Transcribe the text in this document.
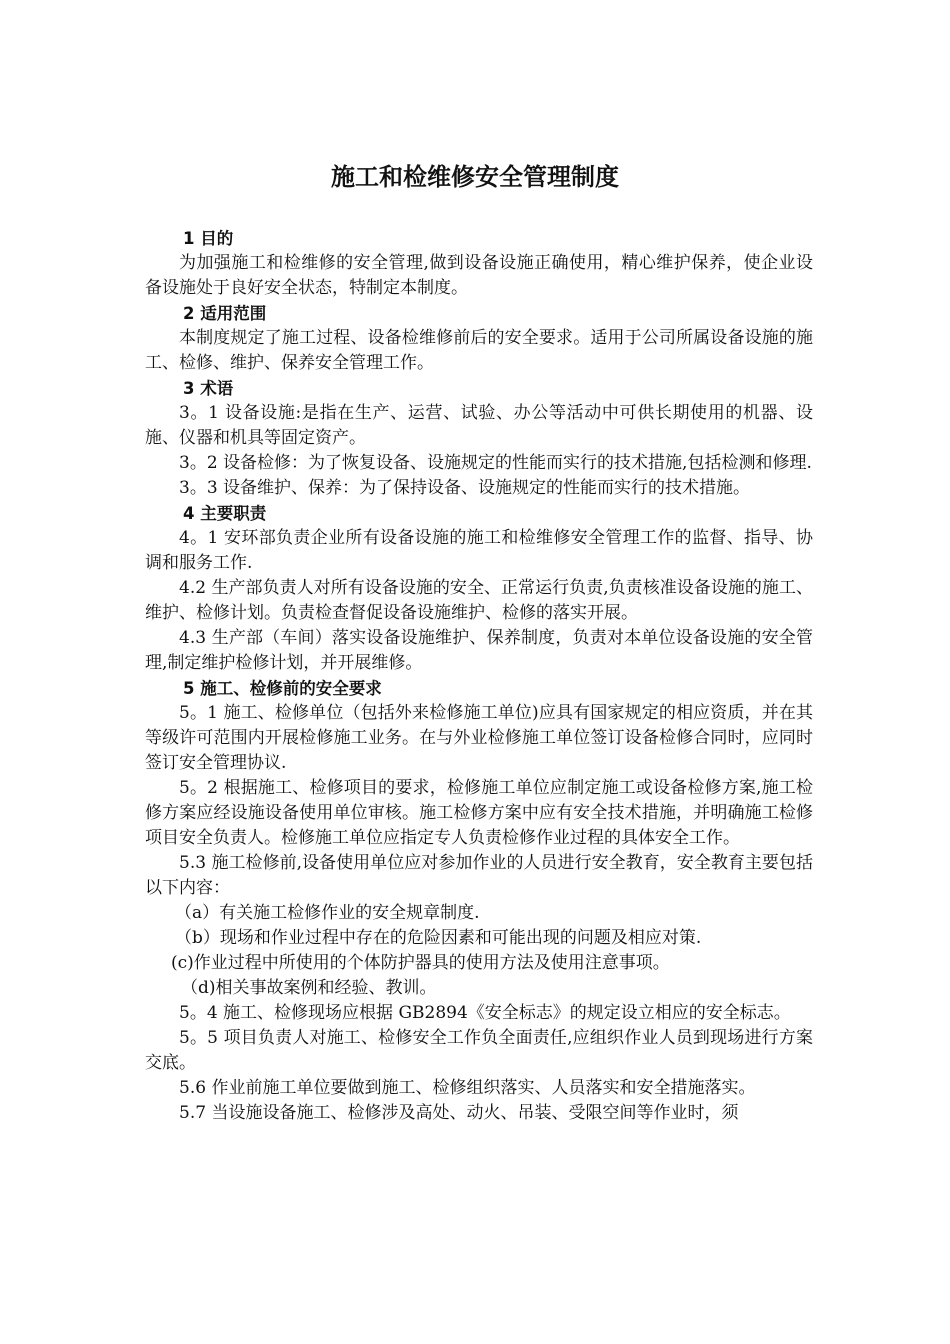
施工和检维修安全管理制度
1 目的

为加强施工和检维修的安全管理,做到设备设施正确使用，精心维护保养，使企业设备设施处于良好安全状态，特制定本制度。

2 适用范围

本制度规定了施工过程、设备检维修前后的安全要求。适用于公司所属设备设施的施工、检修、维护、保养安全管理工作。

3 术语

3。1 设备设施:是指在生产、运营、试验、办公等活动中可供长期使用的机器、设施、仪器和机具等固定资产。

3。2 设备检修：为了恢复设备、设施规定的性能而实行的技术措施,包括检测和修理.

3。3 设备维护、保养：为了保持设备、设施规定的性能而实行的技术措施。

4 主要职责

4。1 安环部负责企业所有设备设施的施工和检维修安全管理工作的监督、指导、协调和服务工作.

4.2 生产部负责人对所有设备设施的安全、正常运行负责,负责核准设备设施的施工、维护、检修计划。负责检查督促设备设施维护、检修的落实开展。

4.3 生产部（车间）落实设备设施维护、保养制度，负责对本单位设备设施的安全管理,制定维护检修计划，并开展维修。

5 施工、检修前的安全要求

5。1 施工、检修单位（包括外来检修施工单位)应具有国家规定的相应资质，并在其等级许可范围内开展检修施工业务。在与外业检修施工单位签订设备检修合同时，应同时签订安全管理协议.

5。2 根据施工、检修项目的要求，检修施工单位应制定施工或设备检修方案,施工检修方案应经设施设备使用单位审核。施工检修方案中应有安全技术措施，并明确施工检修项目安全负责人。检修施工单位应指定专人负责检修作业过程的具体安全工作。

5.3 施工检修前,设备使用单位应对参加作业的人员进行安全教育，安全教育主要包括以下内容：

（a）有关施工检修作业的安全规章制度.

（b）现场和作业过程中存在的危险因素和可能出现的问题及相应对策.

(c)作业过程中所使用的个体防护器具的使用方法及使用注意事项。

（d)相关事故案例和经验、教训。

5。4 施工、检修现场应根据 GB2894《安全标志》的规定设立相应的安全标志。

5。5 项目负责人对施工、检修安全工作负全面责任,应组织作业人员到现场进行方案交底。

5.6 作业前施工单位要做到施工、检修组织落实、人员落实和安全措施落实。

5.7 当设施设备施工、检修涉及高处、动火、吊装、受限空间等作业时，须
